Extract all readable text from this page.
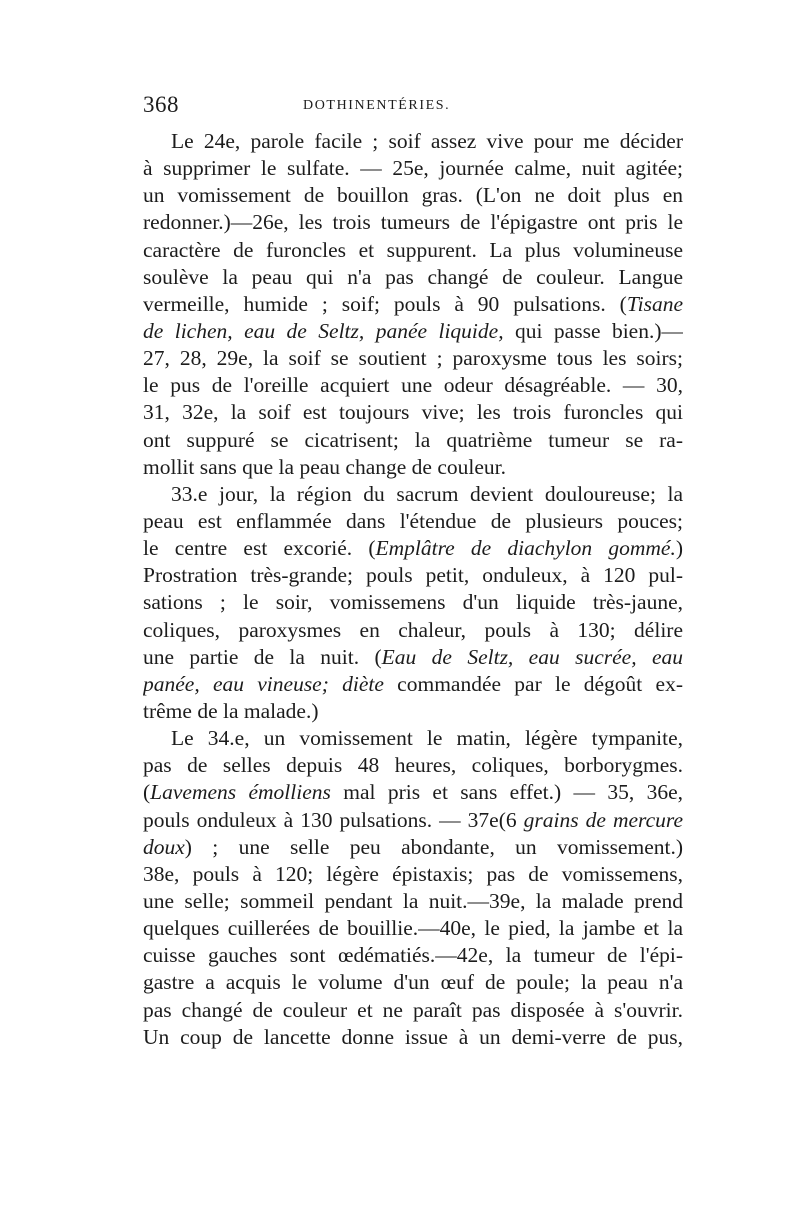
368	DOTHINENTÉRIES.
Le 24e, parole facile ; soif assez vive pour me décider
à supprimer le sulfate. — 25e, journée calme, nuit agitée;
un vomissement de bouillon gras. (L'on ne doit plus en
redonner.)—26e, les trois tumeurs de l'épigastre ont pris le
caractère de furoncles et suppurent. La plus volumineuse
soulève la peau qui n'a pas changé de couleur. Langue
vermeille, humide ; soif; pouls à 90 pulsations. (Tisane
de lichen, eau de Seltz, panée liquide, qui passe bien.)—
27, 28, 29e, la soif se soutient ; paroxysme tous les soirs;
le pus de l'oreille acquiert une odeur désagréable. — 30,
31, 32e, la soif est toujours vive; les trois furoncles qui
ont suppuré se cicatrisent; la quatrième tumeur se ra-
mollit sans que la peau change de couleur.
33.e jour, la région du sacrum devient douloureuse; la
peau est enflammée dans l'étendue de plusieurs pouces;
le centre est excorié. (Emplâtre de diachylon gommé.)
Prostration très-grande; pouls petit, onduleux, à 120 pul-
sations ; le soir, vomissemens d'un liquide très-jaune,
coliques, paroxysmes en chaleur, pouls à 130; délire
une partie de la nuit. (Eau de Seltz, eau sucrée, eau
panée, eau vineuse; diète commandée par le dégoût ex-
trême de la malade.)
Le 34.e, un vomissement le matin, légère tympanite,
pas de selles depuis 48 heures, coliques, borborygmes.
(Lavemens émolliens mal pris et sans effet.) — 35, 36e,
pouls onduleux à 130 pulsations. — 37e(6 grains de mercure
doux) ; une selle peu abondante, un vomissement.)
38e, pouls à 120; légère épistaxis; pas de vomissemens,
une selle; sommeil pendant la nuit.—39e, la malade prend
quelques cuillerées de bouillie.—40e, le pied, la jambe et la
cuisse gauches sont œdématiés.—42e, la tumeur de l'épi-
gastre a acquis le volume d'un œuf de poule; la peau n'a
pas changé de couleur et ne paraît pas disposée à s'ouvrir.
Un coup de lancette donne issue à un demi-verre de pus,
